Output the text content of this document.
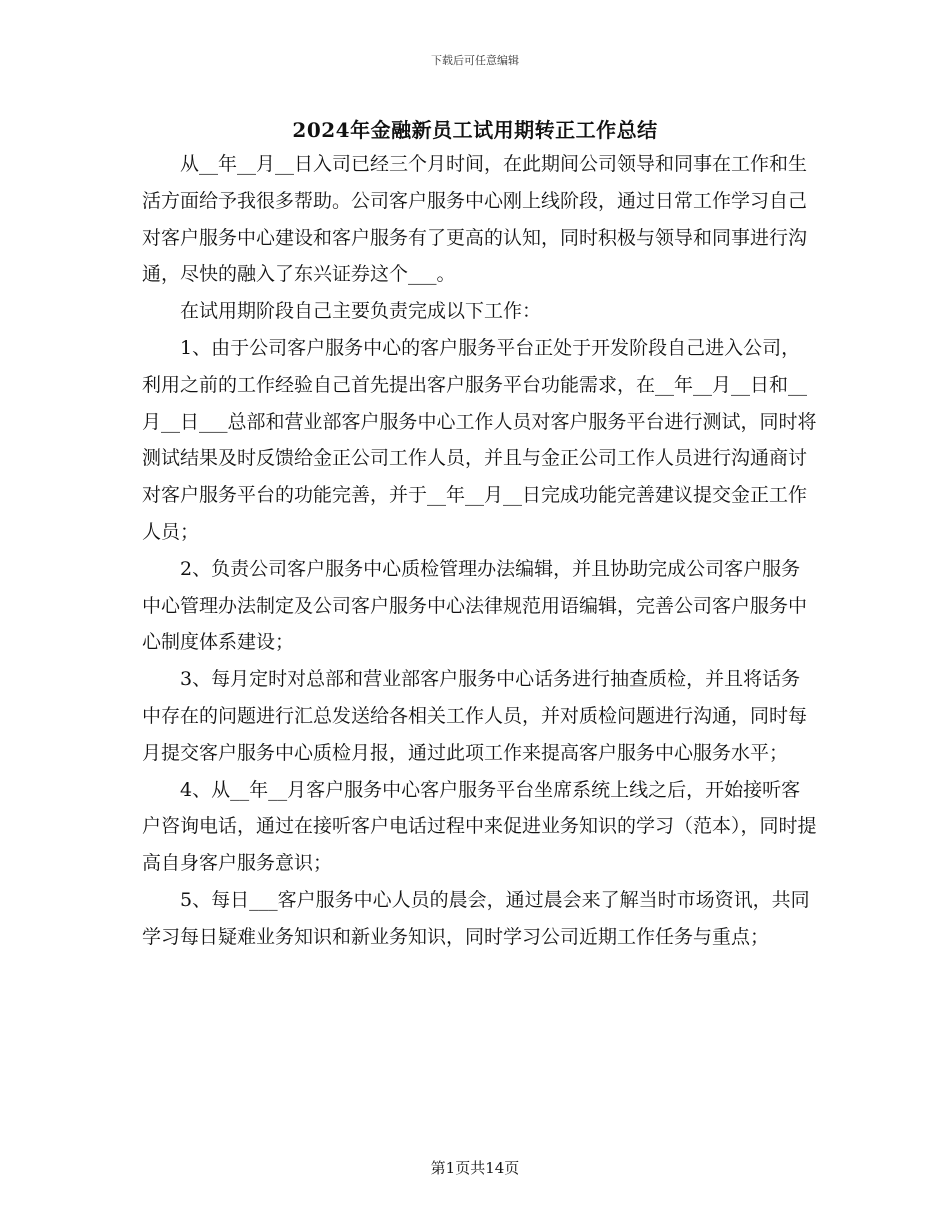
下载后可任意编辑
2024年金融新员工试用期转正工作总结

从__年__月__日入司已经三个月时间，在此期间公司领导和同事在工作和生活方面给予我很多帮助。公司客户服务中心刚上线阶段，通过日常工作学习自己对客户服务中心建设和客户服务有了更高的认知，同时积极与领导和同事进行沟通，尽快的融入了东兴证券这个___。

在试用期阶段自己主要负责完成以下工作：

1、由于公司客户服务中心的客户服务平台正处于开发阶段自己进入公司，利用之前的工作经验自己首先提出客户服务平台功能需求，在__年__月__日和__月__日___总部和营业部客户服务中心工作人员对客户服务平台进行测试，同时将测试结果及时反馈给金正公司工作人员，并且与金正公司工作人员进行沟通商讨对客户服务平台的功能完善，并于__年__月__日完成功能完善建议提交金正工作人员；

2、负责公司客户服务中心质检管理办法编辑，并且协助完成公司客户服务中心管理办法制定及公司客户服务中心法律规范用语编辑，完善公司客户服务中心制度体系建设；

3、每月定时对总部和营业部客户服务中心话务进行抽查质检，并且将话务中存在的问题进行汇总发送给各相关工作人员，并对质检问题进行沟通，同时每月提交客户服务中心质检月报，通过此项工作来提高客户服务中心服务水平；

4、从__年__月客户服务中心客户服务平台坐席系统上线之后，开始接听客户咨询电话，通过在接听客户电话过程中来促进业务知识的学习（范本），同时提高自身客户服务意识；

5、每日___客户服务中心人员的晨会，通过晨会来了解当时市场资讯，共同学习每日疑难业务知识和新业务知识，同时学习公司近期工作任务与重点；

第1页共14页
